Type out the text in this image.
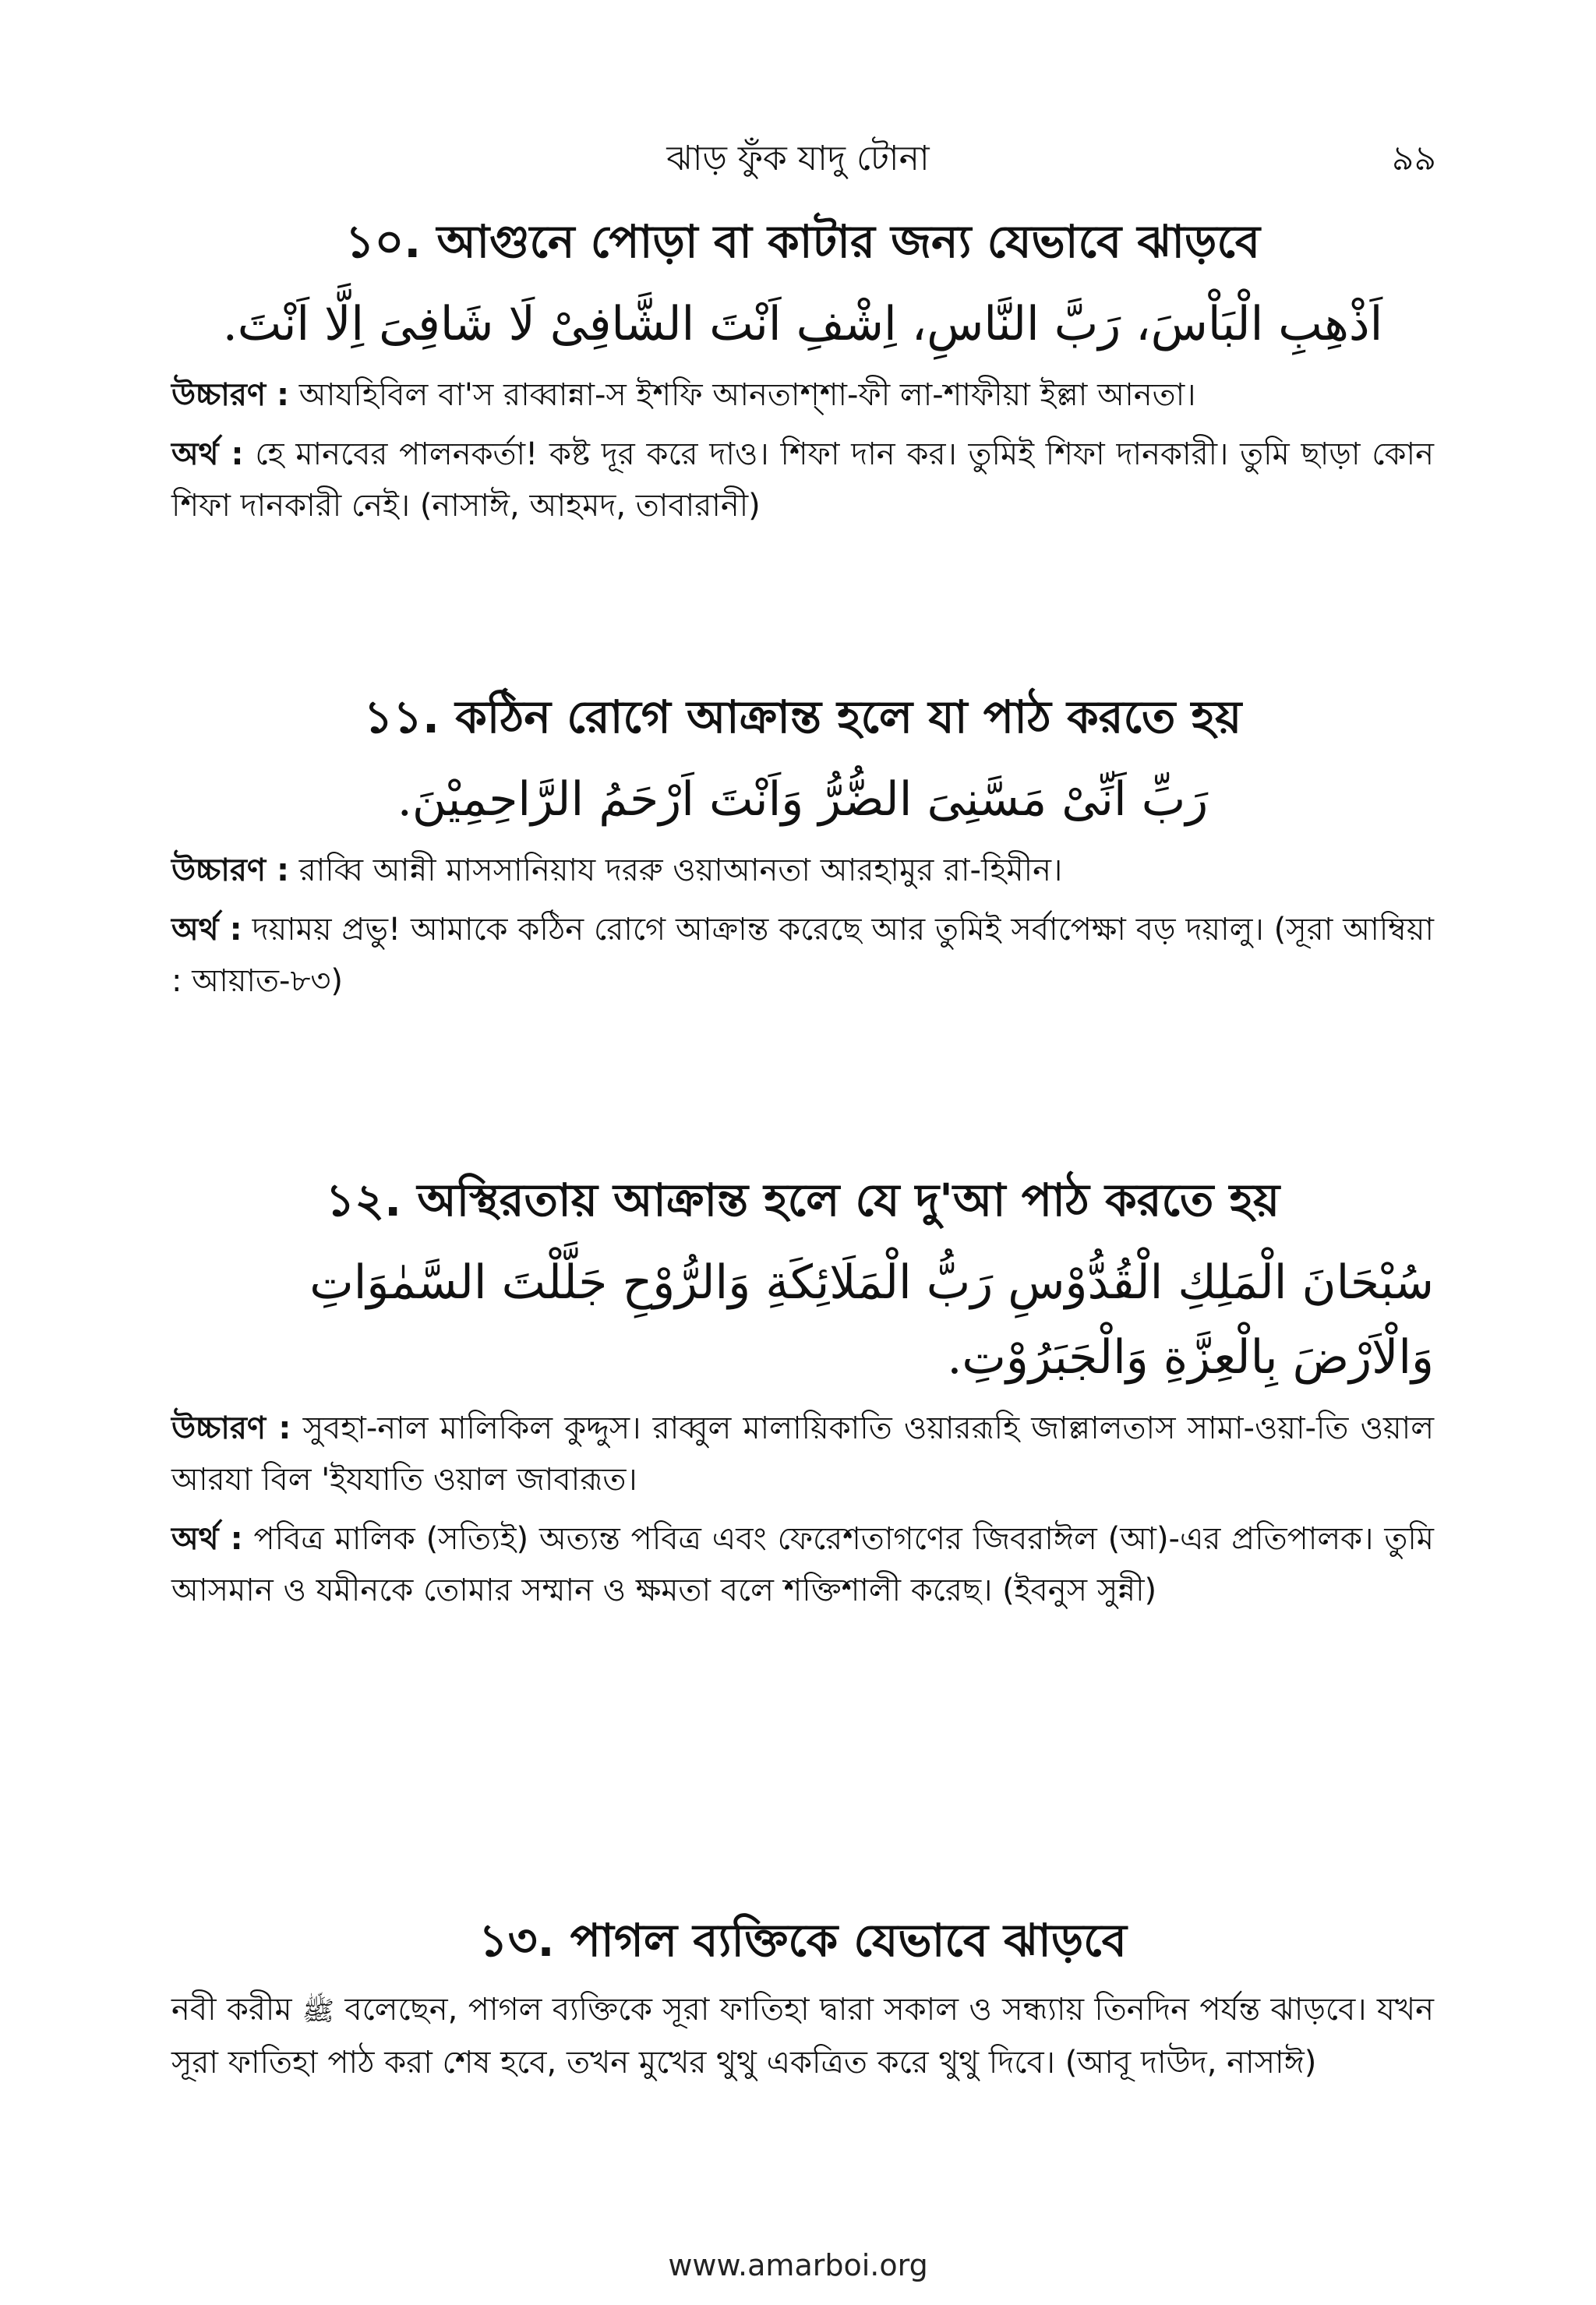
ঝাড় ফুঁক যাদু টোনা	৯৯
১০. আগুনে পোড়া বা কাটার জন্য যেভাবে ঝাড়বে

اَذْهِبِ الْبَاْسَ، رَبَّ النَّاسِ، اِشْفِ اَنْتَ الشَّافِىْ لَا شَافِىَ اِلَّا اَنْتَ.

উচ্চারণ : আযহিবিল বা'স রাব্বান্না-স ইশফি আনতাশ্শা-ফী লা-শাফীয়া ইল্লা আনতা।

অর্থ : হে মানবের পালনকর্তা! কষ্ট দূর করে দাও। শিফা দান কর। তুমিই শিফা দানকারী। তুমি ছাড়া কোন শিফা দানকারী নেই। (নাসাঈ, আহমদ, তাবারানী)

১১. কঠিন রোগে আক্রান্ত হলে যা পাঠ করতে হয়

رَبِّ اَنِّىْ مَسَّنِىَ الضُّرُّ وَاَنْتَ اَرْحَمُ الرَّاحِمِيْنَ.

উচ্চারণ : রাব্বি আন্নী মাসসানিয়ায দররু ওয়াআনতা আরহামুর রা-হিমীন।

অর্থ : দয়াময় প্রভু! আমাকে কঠিন রোগে আক্রান্ত করেছে আর তুমিই সর্বাপেক্ষা বড় দয়ালু। (সূরা আম্বিয়া : আয়াত-৮৩)

১২. অস্থিরতায় আক্রান্ত হলে যে দু'আ পাঠ করতে হয়

سُبْحَانَ الْمَلِكِ الْقُدُّوْسِ رَبُّ الْمَلَائِكَةِ وَالرُّوْحِ جَلَّلْتَ السَّمٰوَاتِ

وَالْاَرْضَ بِالْعِزَّةِ وَالْجَبَرُوْتِ.

উচ্চারণ : সুবহা-নাল মালিকিল কুদ্দুস। রাব্বুল মালায়িকাতি ওয়াররূহি জাল্লালতাস সামা-ওয়া-তি ওয়াল আরযা বিল 'ইযযাতি ওয়াল জাবারূত।

অর্থ : পবিত্র মালিক (সত্যিই) অত্যন্ত পবিত্র এবং ফেরেশতাগণের জিবরাঈল (আ)-এর প্রতিপালক। তুমি আসমান ও যমীনকে তোমার সম্মান ও ক্ষমতা বলে শক্তিশালী করেছ। (ইবনুস সুন্নী)

১৩. পাগল ব্যক্তিকে যেভাবে ঝাড়বে

নবী করীম ﷺ বলেছেন, পাগল ব্যক্তিকে সূরা ফাতিহা দ্বারা সকাল ও সন্ধ্যায় তিনদিন পর্যন্ত ঝাড়বে। যখন সূরা ফাতিহা পাঠ করা শেষ হবে, তখন মুখের থুথু একত্রিত করে থুথু দিবে। (আবূ দাউদ, নাসাঈ)

www.amarboi.org
